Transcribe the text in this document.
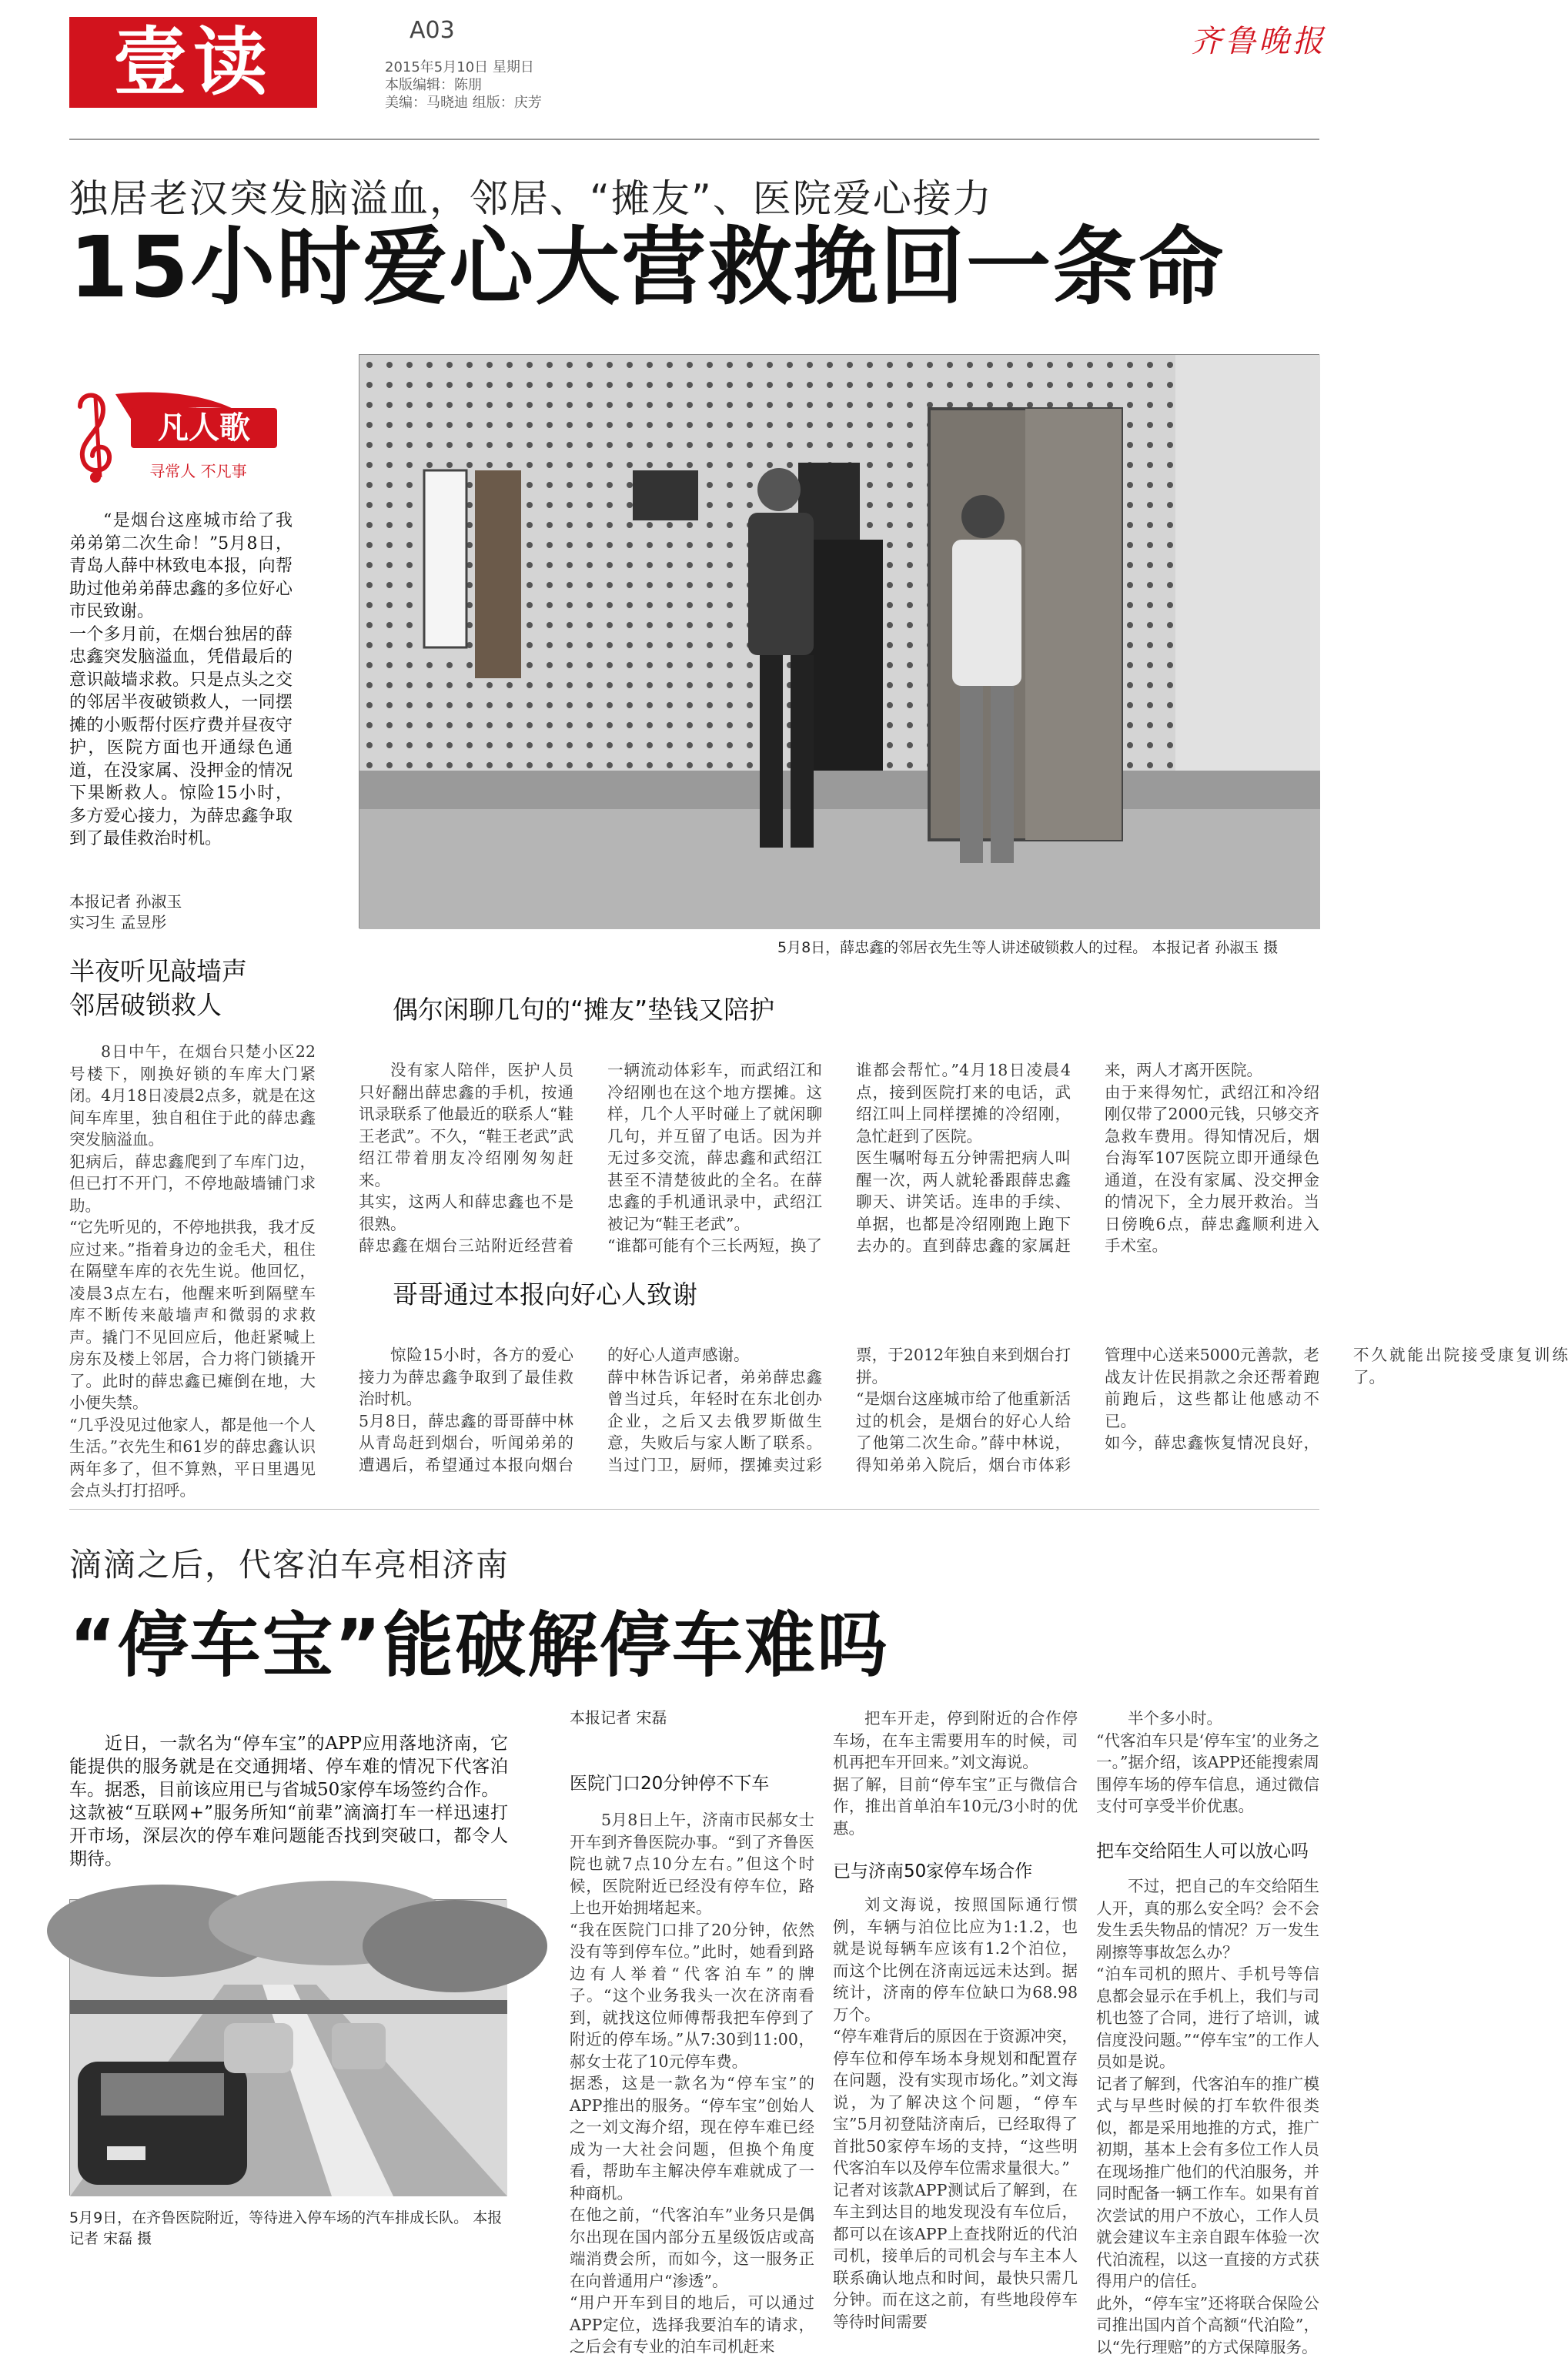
壹读	A03
2015年5月10日 星期日
本版编辑：陈朋
美编：马晓迪 组版：庆芳
齐鲁晚报
独居老汉突发脑溢血，邻居、“摊友”、医院爱心接力
15小时爱心大营救挽回一条命
凡人歌
寻常人 不凡事

“是烟台这座城市给了我弟弟第二次生命！”5月8日，青岛人薛中林致电本报，向帮助过他弟弟薛忠鑫的多位好心市民致谢。
一个多月前，在烟台独居的薛忠鑫突发脑溢血，凭借最后的意识敲墙求救。只是点头之交的邻居半夜破锁救人，一同摆摊的小贩帮付医疗费并昼夜守护，医院方面也开通绿色通道，在没家属、没押金的情况下果断救人。惊险15小时，多方爱心接力，为薛忠鑫争取到了最佳救治时机。

本报记者 孙淑玉
实习生 孟昱彤
5月8日，薛忠鑫的邻居衣先生等人讲述破锁救人的过程。 本报记者 孙淑玉 摄
半夜听见敲墙声
邻居破锁救人

8日中午，在烟台只楚小区22号楼下，刚换好锁的车库大门紧闭。4月18日凌晨2点多，就是在这间车库里，独自租住于此的薛忠鑫突发脑溢血。
犯病后，薛忠鑫爬到了车库门边，但已打不开门，不停地敲墙铺门求助。
“它先听见的，不停地拱我，我才反应过来。”指着身边的金毛犬，租住在隔壁车库的衣先生说。他回忆，凌晨3点左右，他醒来听到隔壁车库不断传来敲墙声和微弱的求救声。撬门不见回应后，他赶紧喊上房东及楼上邻居，合力将门锁撬开了。此时的薛忠鑫已瘫倒在地，大小便失禁。
“几乎没见过他家人，都是他一个人生活。”衣先生和61岁的薛忠鑫认识两年多了，但不算熟，平日里遇见会点头打打招呼。

偶尔闲聊几句的“摊友”垫钱又陪护

没有家人陪伴，医护人员只好翻出薛忠鑫的手机，按通讯录联系了他最近的联系人“鞋王老武”。不久，“鞋王老武”武绍江带着朋友冷绍刚匆匆赶来。
其实，这两人和薛忠鑫也不是很熟。
薛忠鑫在烟台三站附近经营着一辆流动体彩车，而武绍江和冷绍刚也在这个地方摆摊。这样，几个人平时碰上了就闲聊几句，并互留了电话。因为并无过多交流，薛忠鑫和武绍江甚至不清楚彼此的全名。在薛忠鑫的手机通讯录中，武绍江被记为“鞋王老武”。
“谁都可能有个三长两短，换了谁都会帮忙。”4月18日凌晨4点，接到医院打来的电话，武绍江叫上同样摆摊的冷绍刚，急忙赶到了医院。
医生嘱咐每五分钟需把病人叫醒一次，两人就轮番跟薛忠鑫聊天、讲笑话。连串的手续、单据，也都是冷绍刚跑上跑下去办的。直到薛忠鑫的家属赶来，两人才离开医院。
由于来得匆忙，武绍江和冷绍刚仅带了2000元钱，只够交齐急救车费用。得知情况后，烟台海军107医院立即开通绿色通道，在没有家属、没交押金的情况下，全力展开救治。当日傍晚6点，薛忠鑫顺利进入手术室。

哥哥通过本报向好心人致谢

惊险15小时，各方的爱心接力为薛忠鑫争取到了最佳救治时机。
5月8日，薛忠鑫的哥哥薛中林从青岛赶到烟台，听闻弟弟的遭遇后，希望通过本报向烟台的好心人道声感谢。
薛中林告诉记者，弟弟薛忠鑫曾当过兵，年轻时在东北创办企业，之后又去俄罗斯做生意，失败后与家人断了联系。当过门卫，厨师，摆摊卖过彩票，于2012年独自来到烟台打拼。
“是烟台这座城市给了他重新活过的机会，是烟台的好心人给了他第二次生命。”薛中林说，得知弟弟入院后，烟台市体彩管理中心送来5000元善款，老战友计佐民捐款之余还帮着跑前跑后，这些都让他感动不已。
如今，薛忠鑫恢复情况良好，不久就能出院接受康复训练了。

滴滴之后，代客泊车亮相济南
“停车宝”能破解停车难吗

近日，一款名为“停车宝”的APP应用落地济南，它能提供的服务就是在交通拥堵、停车难的情况下代客泊车。据悉，目前该应用已与省城50家停车场签约合作。
这款被“互联网+”服务所知“前辈”滴滴打车一样迅速打开市场，深层次的停车难问题能否找到突破口，都令人期待。

5月9日，在齐鲁医院附近，等待进入停车场的汽车排成长队。 本报记者 宋磊 摄
本报记者 宋磊
医院门口20分钟停不下车

5月8日上午，济南市民郝女士开车到齐鲁医院办事。“到了齐鲁医院也就7点10分左右。”但这个时候，医院附近已经没有停车位，路上也开始拥堵起来。
“我在医院门口排了20分钟，依然没有等到停车位。”此时，她看到路边有人举着“代客泊车”的牌子。“这个业务我头一次在济南看到，就找这位师傅帮我把车停到了附近的停车场。”从7:30到11:00，郝女士花了10元停车费。
据悉，这是一款名为“停车宝”的APP推出的服务。“停车宝”创始人之一刘文海介绍，现在停车难已经成为一大社会问题，但换个角度看，帮助车主解决停车难就成了一种商机。
在他之前，“代客泊车”业务只是偶尔出现在国内部分五星级饭店或高端消费会所，而如今，这一服务正在向普通用户“渗透”。
“用户开车到目的地后，可以通过APP定位，选择我要泊车的请求，之后会有专业的泊车司机赶来

把车开走，停到附近的合作停车场，在车主需要用车的时候，司机再把车开回来。”刘文海说。
据了解，目前“停车宝”正与微信合作，推出首单泊车10元/3小时的优惠。

已与济南50家停车场合作

刘文海说，按照国际通行惯例，车辆与泊位比应为1:1.2，也就是说每辆车应该有1.2个泊位，而这个比例在济南远远未达到。据统计，济南的停车位缺口为68.98万个。
“停车难背后的原因在于资源冲突，停车位和停车场本身规划和配置存在问题，没有实现市场化。”刘文海说，为了解决这个问题，“停车宝”5月初登陆济南后，已经取得了首批50家停车场的支持，“这些明代客泊车以及停车位需求量很大。”
记者对该款APP测试后了解到，在车主到达目的地发现没有车位后，都可以在该APP上查找附近的代泊司机，接单后的司机会与车主本人联系确认地点和时间，最快只需几分钟。而在这之前，有些地段停车等待时间需要

半个多小时。
“代客泊车只是‘停车宝’的业务之一。”据介绍，该APP还能搜索周围停车场的停车信息，通过微信支付可享受半价优惠。

把车交给陌生人可以放心吗

不过，把自己的车交给陌生人开，真的那么安全吗？会不会发生丢失物品的情况？万一发生剐擦等事故怎么办？
“泊车司机的照片、手机号等信息都会显示在手机上，我们与司机也签了合同，进行了培训，诚信度没问题。”“停车宝”的工作人员如是说。
记者了解到，代客泊车的推广模式与早些时候的打车软件很类似，都是采用地推的方式，推广初期，基本上会有多位工作人员在现场推广他们的代泊服务，并同时配备一辆工作车。如果有首次尝试的用户不放心，工作人员就会建议车主亲自跟车体验一次代泊流程，以这一直接的方式获得用户的信任。
此外，“停车宝”还将联合保险公司推出国内首个高额“代泊险”，以“先行理赔”的方式保障服务。
